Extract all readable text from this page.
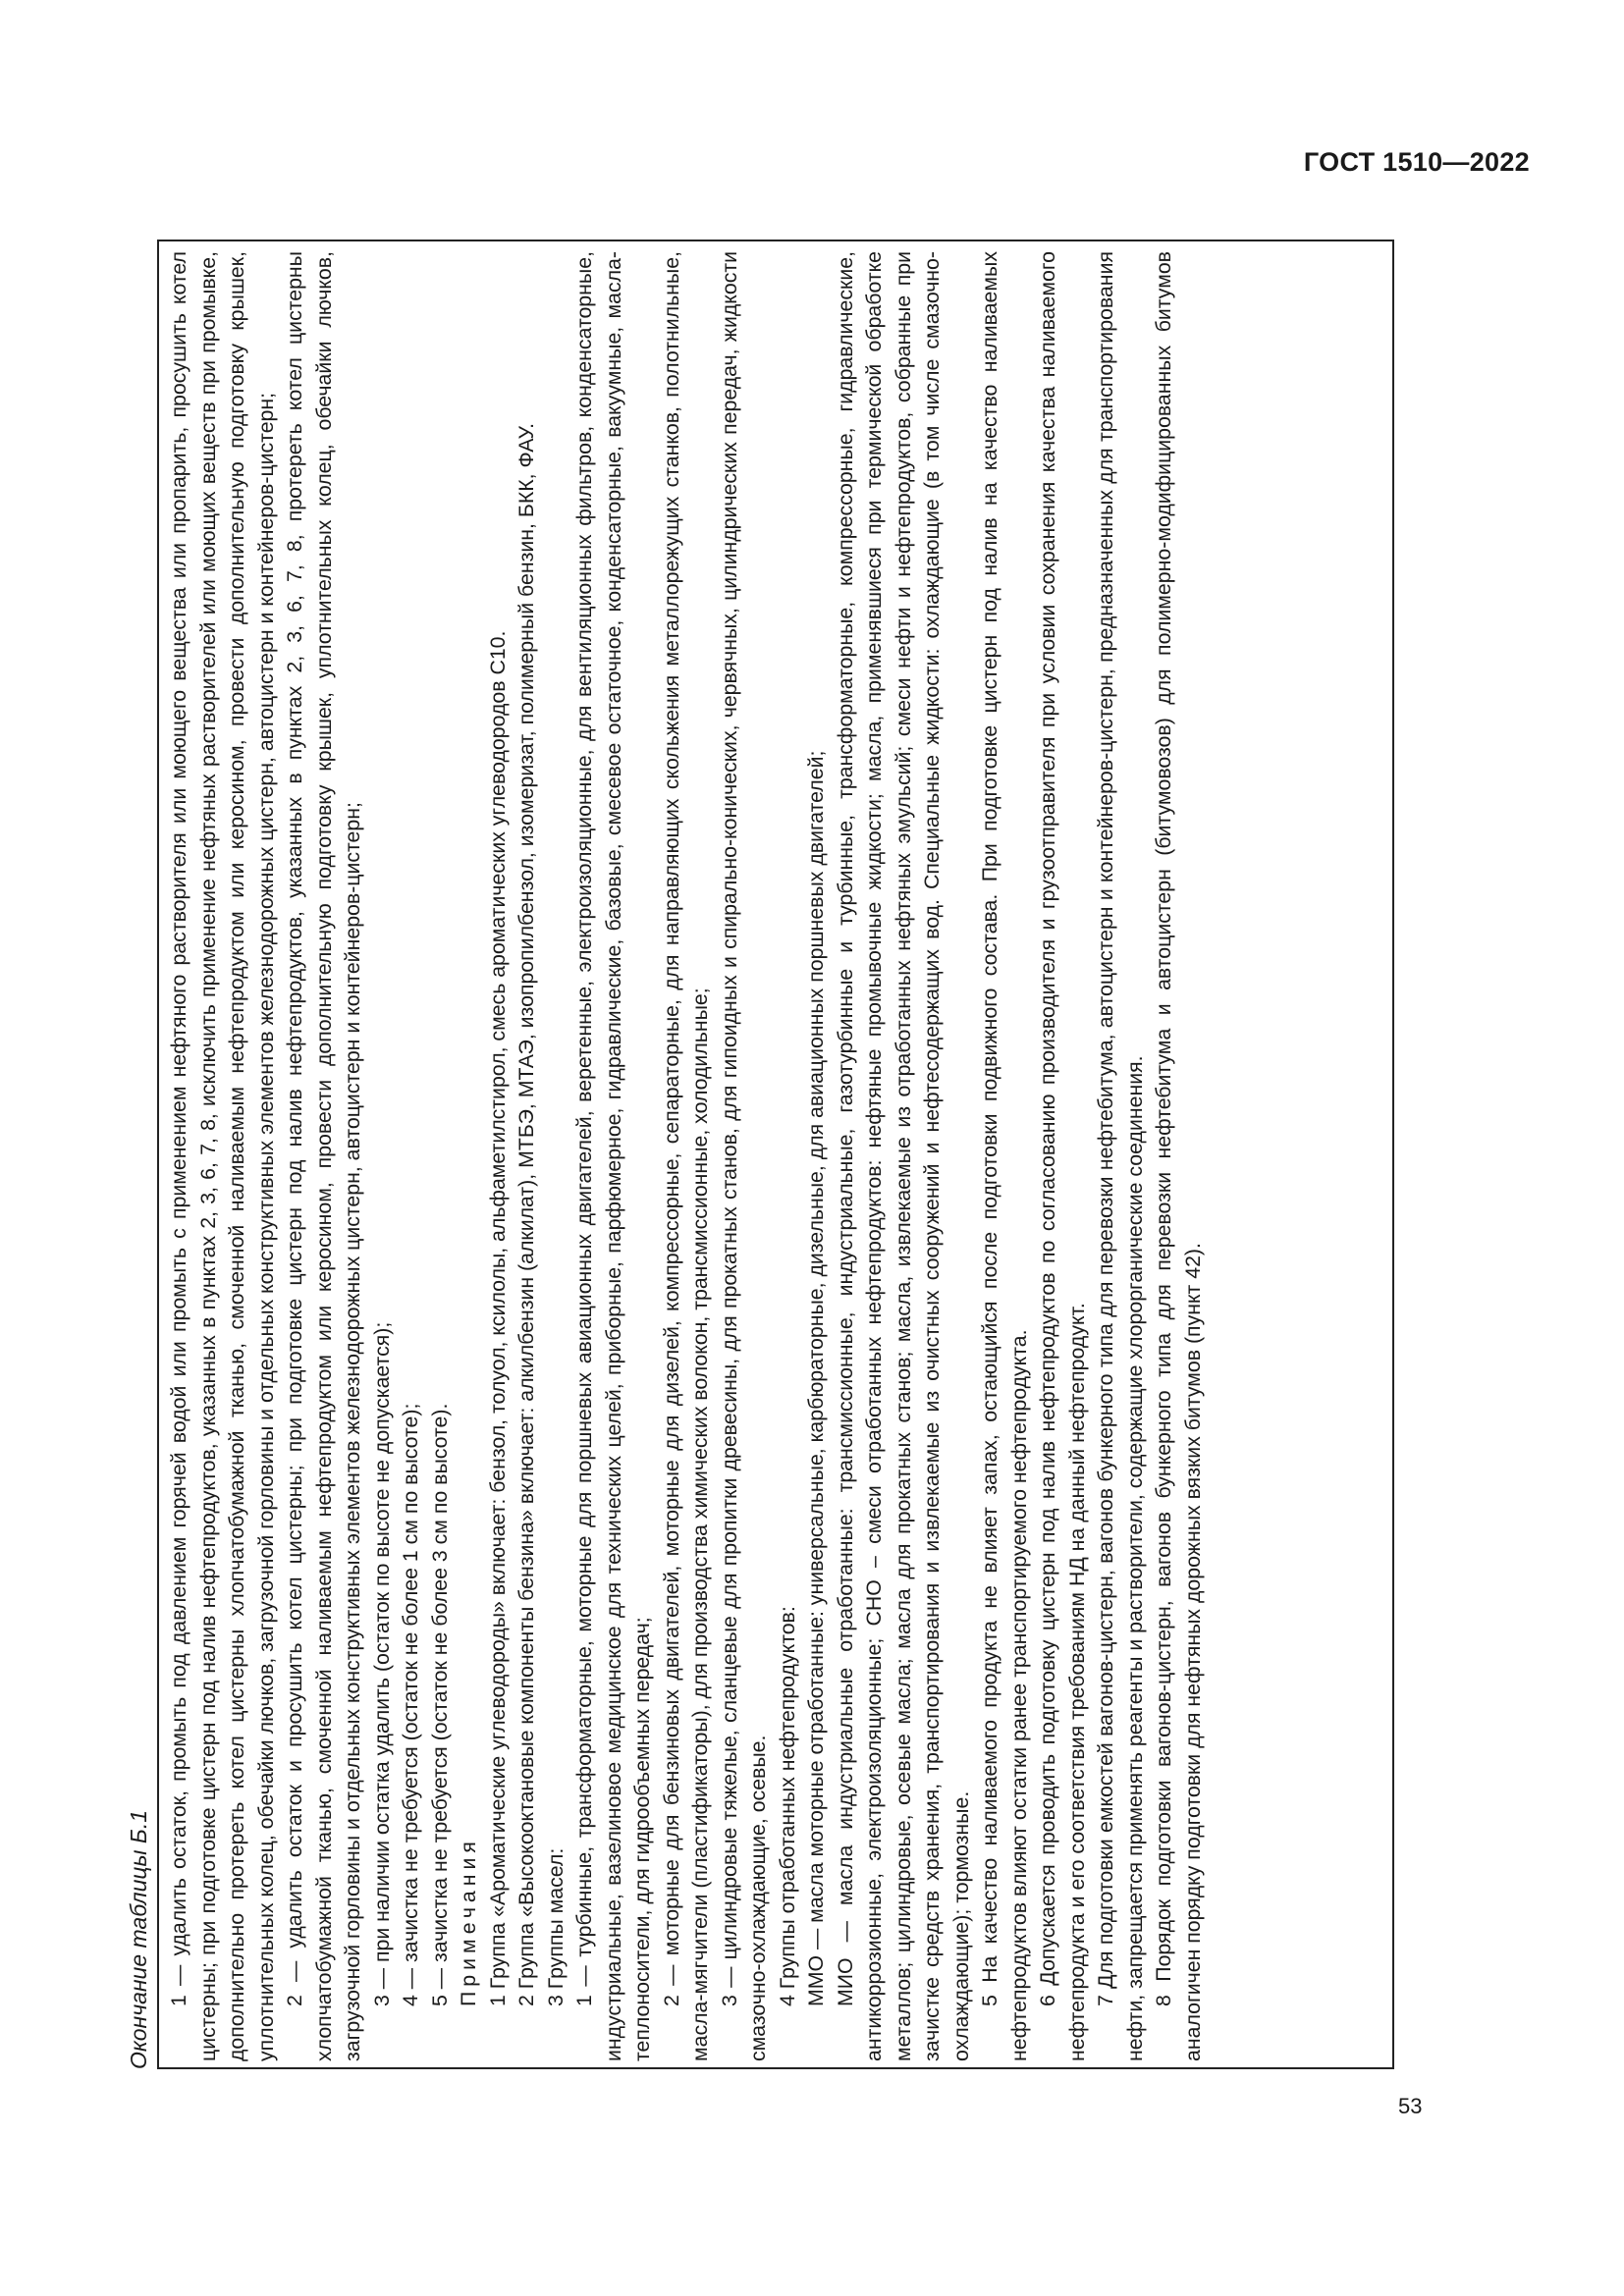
ГОСТ 1510—2022
Окончание таблицы Б.1 1 — удалить остаток, промыть под давлением горячей водой или промыть с применением нефтяного растворителя или моющего вещества или пропарить, просушить котел цистерны; при подготовке цистерн под налив нефтепродуктов, указанных в пунктах 2, 3, 6, 7, 8, исключить применение нефтяных растворителей или моющих веществ при промывке, дополнительно протереть котел цистерны хлопчатобумажной тканью, смоченной наливаемым нефтепродуктом или керосином, провести дополнительную подготовку крышек, уплотнительных колец, обечайки лючков, загрузочной горловины и отдельных конструктивных элементов железнодорожных цистерн, автоцистерн и контейнеров-цистерн; 2 — удалить остаток и просушить котел цистерны; при подготовке цистерн под налив нефтепродуктов, указанных в пунктах 2, 3, 6, 7, 8, протереть котел цистерны хлопчатобумажной тканью, смоченной наливаемым нефтепродуктом или керосином, провести дополнительную подготовку крышек, уплотнительных колец, обечайки лючков, загрузочной горловины и отдельных конструктивных элементов железнодорожных цистерн, автоцистерн и контейнеров-цистерн; 3 — при наличии остатка удалить (остаток по высоте не допускается); 4 — зачистка не требуется (остаток не более 1 см по высоте); 5 — зачистка не требуется (остаток не более 3 см по высоте). Примечания 1 Группа «Ароматические углеводороды» включает: бензол, толуол, ксилолы, альфаметилстирол, смесь ароматических углеводородов С10. 2 Группа «Высокооктановые компоненты бензина» включает: алкилбензин (алкилат), МТБЭ, МТАЭ, изопропилбензол, изомеризат, полимерный бензин, БКК, ФАУ. 3 Группы масел: 1 — турбинные, трансформаторные, моторные для поршневых авиационных двигателей, веретенные, электроизоляционные, для вентиляционных фильтров, конденсаторные, индустриальные, вазелиновое медицинское для технических целей, приборные, парфюмерное, гидравлические, базовые, смесевое остаточное, конденсаторные, вакуумные, масла-теплоносители, для гидрообъемных передач; 2 — моторные для бензиновых двигателей, моторные для дизелей, компрессорные, сепараторные, для направляющих скольжения металлорежущих станков, полотнильные, масла-мягчители (пластификаторы), для производства химических волокон, трансмиссионные, холодильные; 3 — цилиндровые тяжелые, сланцевые для пропитки древесины, для прокатных станов, для гипоидных и спирально-конических, червячных, цилиндрических передач, жидкости смазочно-охлаждающие, осевые. 4 Группы отработанных нефтепродуктов: ММО — масла моторные отработанные: универсальные, карбюраторные, дизельные, для авиационных поршневых двигателей; МИО — масла индустриальные отработанные: трансмиссионные, индустриальные, газотурбинные и турбинные, трансформаторные, компрессорные, гидравлические, антикоррозионные, электроизоляционные; СНО – смеси отработанных нефтепродуктов: нефтяные промывочные жидкости; масла, применявшиеся при термической обработке металлов; цилиндровые, осевые масла; масла для прокатных станов; масла, извлекаемые из отработанных нефтяных эмульсий; смеси нефти и нефтепродуктов, собранные при зачистке средств хранения, транспортирования и извлекаемые из очистных сооружений и нефтесодержащих вод. Специальные жидкости: охлаждающие (в том числе смазочно-охлаждающие); тормозные. 5 На качество наливаемого продукта не влияет запах, остающийся после подготовки подвижного состава. При подготовке цистерн под налив на качество наливаемых нефтепродуктов влияют остатки ранее транспортируемого нефтепродукта. 6 Допускается проводить подготовку цистерн под налив нефтепродуктов по согласованию производителя и грузоотправителя при условии сохранения качества наливаемого нефтепродукта и его соответствия требованиям НД на данный нефтепродукт. 7 Для подготовки емкостей вагонов-цистерн, вагонов бункерного типа для перевозки нефтебитума, автоцистерн и контейнеров-цистерн, предназначенных для транспортирования нефти, запрещается применять реагенты и растворители, содержащие хлорорганические соединения. 8 Порядок подготовки вагонов-цистерн, вагонов бункерного типа для перевозки нефтебитума и автоцистерн (битумовозов) для полимерно-модифицированных битумов аналогичен порядку подготовки для нефтяных дорожных вязких битумов (пункт 42).

53
